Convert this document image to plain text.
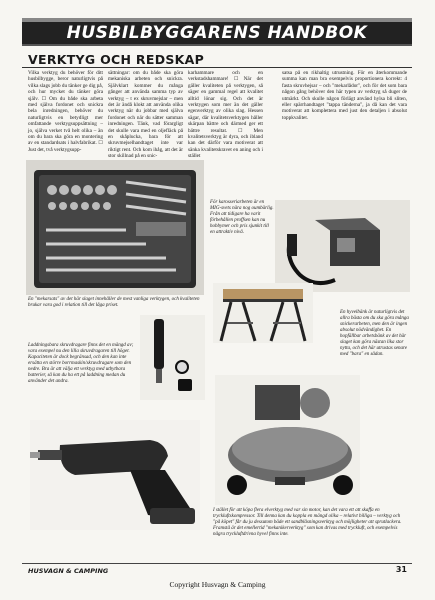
HUSBILBYGGARENS HANDBOK
VERKTYG OCH REDSKAP

Vilka verktyg du behöver för ditt husbilbygge, beror naturligtvis på vilka slags jobb du tänker ge dig på, och hur mycket du tänker göra själv. ☐ Om du både ska arbeta med själva fordonet och snickra bela inredningen, behöver du naturligtvis en betydligt mer omfattande verktygsuppsättning – jo, själva verket två helt olika – än om du bara ska göra en montering av en standardsats i halvfabrikat. ☐ Just det, två verktygsupp-

sättningar: om du både ska göra mekaniska arbeten och snickra. Självklart kommer du många gånger att använda samma typ av verktyg – t ex skruvmejslar – men det är ändå klokt att använda olika verktyg när du jobbar med själva fordonet och när du sätter samman inredningen. Tänk, vad förargligt det skulle vara med en oljefläck på en skåplucka, bara för att skruvmejselhandtaget inte var riktigt rent. Och kom ihåg, att det är stor skillnad på en snic-

karhammare och en verkstadshammare! ☐ När det gäller kvaliteten på verktygen, så säger en gammal regel att kvalitet alltid lönar sig. Och det är verktygen som mer än det gäller egenverktyg av olika slag. Hessen sägar, där kvalitetsverktygen håller skärpan bättre och därmed ger ett bättre resultat. ☐ Men kvalitetsverktyg är dyra, och ibland kan det därför vara motiverat att sänka kvalitetskravet en aning och i stället

satsa på en rikhaltig utrustning. För en återkommande summa kan man bra exempelvis proportionera korrekt: 4 fasta skruvhejsar – och "mekarlådor", och för det som bara någon gång behöver den här typen av verktyg så duger de utmärkt. Och skulle någon förlägt använd hylsa bli sliten, eller spärrhandtaget "tappa tänderna", ja då kan det vara motiverat att komplettera med just den detaljen i absolut toppkvalitet.

En "mekarsats" av det här slaget innehåller de mest vanliga verktygen, och kvaliteten brukar vara god i relation till det låga priset.
För karosseriarbeten är en MIG-svets nära nog oumbärlig. Från att tidigare ha varit förbehållen proffsen kan nu hobbymer och pris sjunkit till en attraktiv nivå.
En hyvelbänk är naturligtvis det allra bästa om du ska göra många snickerarbeten, men den är ingen absolut nödvändighet. En hopfällbar arbetsbänk av det här slaget kan göra nästan lika stor nytta, och det här utrustas senare med "bara" en sådan.
Laddningsbara skruvdragare finns det en mängd av; vara exempel nu den lilla skruvdragaren till höger. Kapaciteten är dock begränsad, och den kan inte ersätta en större borrmaskin/skruvdragare som den nedre. Bra är att välja ett verktyg med utbytbara batterier, så kan du ha ett på laddning medan du använder det andra.
I stället för att köpa flera elverktyg med var sin motor, kan det vara ett att skaffa en tryckluftskompressor. Till denna kan du koppla en mängd olika – relativt billiga – verktyg och "på köpet" får du ju dessutom bäde ett sandblåsningsverktyg och möjligheter att sprutlackera. Framstå är det emellertid "mekanikerverktyg" som kan drivas med tryckluft, och exempelvis några tryckluftdrivna hyvel finns inte.
HUSVAGN & CAMPING	31
Copyright Husvagn & Camping
